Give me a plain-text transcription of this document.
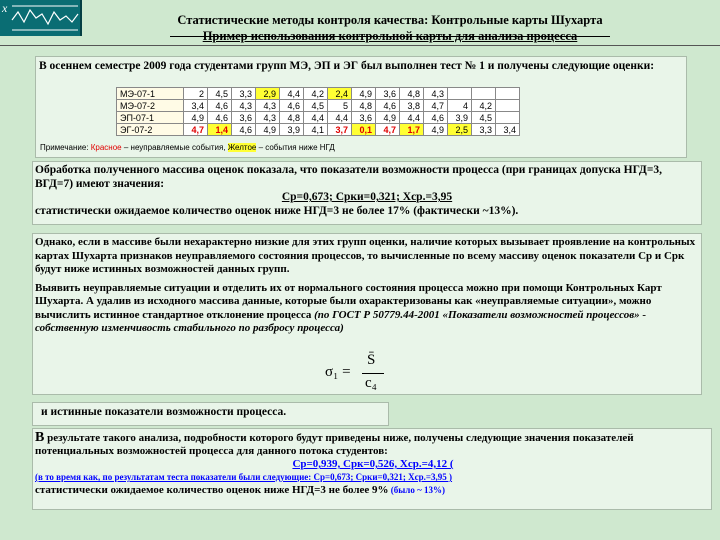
x
Статистические методы контроля качества: Контрольные карты Шухарта
Пример использования контрольной карты для анализа процесса
В осеннем семестре 2009 года студентами групп МЭ, ЭП и ЭГ был выполнен тест № 1 и получены следующие оценки:
МЭ-07-1	2	4,5	3,3	2,9	4,4	4,2	2,4	4,9	3,6	4,8	4,3			
МЭ-07-2	3,4	4,6	4,3	4,3	4,6	4,5	5	4,8	4,6	3,8	4,7	4	4,2	
ЭП-07-1	4,9	4,6	3,6	4,3	4,8	4,4	4,4	3,6	4,9	4,4	4,6	3,9	4,5	
ЭГ-07-2	4,7	1,4	4,6	4,9	3,9	4,1	3,7	0,1	4,7	1,7	4,9	2,5	3,3	3,4
Примечание: Красное – неуправляемые события, Желтое – события ниже НГД
Обработка полученного массива оценок показала, что показатели возможности процесса (при границах допуска НГД=3, ВГД=7) имеют значения:
Ср=0,673; Срки=0,321; Хср.=3,95
статистически ожидаемое количество оценок ниже НГД=3 не более 17% (фактически ~13%).
Однако, если в массиве были нехарактерно низкие для этих групп оценки, наличие которых вызывает проявление на контрольных картах Шухарта признаков неуправляемого состояния процессов, то вычисленные по всему массиву оценок показатели Ср и Срк будут ниже истинных возможностей данных групп.
Выявить неуправляемые ситуации и отделить их от нормального состояния процесса можно при помощи Контрольных Карт Шухарта. А удалив из исходного массива данные, которые были охарактеризованы как «неуправляемые ситуации», можно вычислить истинное стандартное отклонение процесса (по ГОСТ Р 50779.44-2001 «Показатели возможностей процессов» - собственную изменчивость стабильного по разбросу процесса)
σ₁ =
S̄
c₄
и истинные показатели возможности процесса.
В результате такого анализа, подробности которого будут приведены ниже, получены следующие значения показателей потенциальных возможностей процесса для данного потока студентов:
Ср=0,939, Срк=0,526, Хср.=4,12 (
(в то время как, по результатам теста показатели были следующие: Ср=0,673; Срки=0,321; Хср.=3,95 )
статистически ожидаемое количество оценок ниже НГД=3 не более 9% (было ~ 13%)
